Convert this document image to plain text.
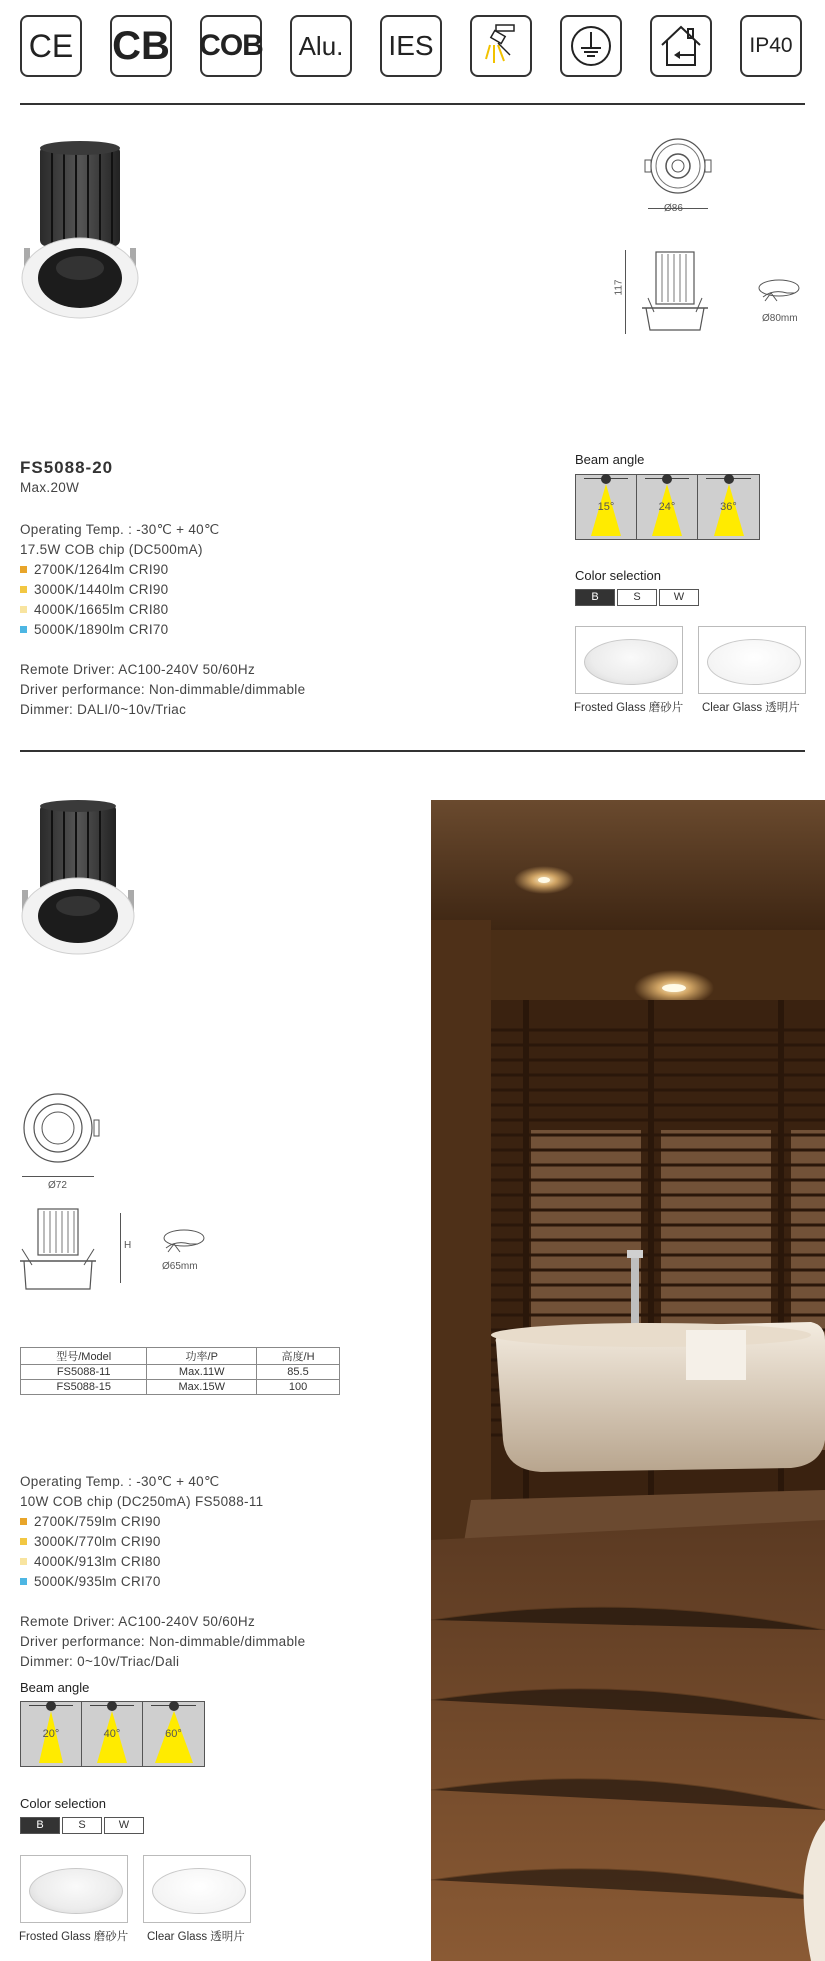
CE CB COB Alu. IES	IP40
Ø86
117
Ø80mm
FS5088-20
Max.20W
Operating Temp. : -30℃ + 40℃
17.5W COB chip (DC500mA)
2700K/1264lm CRI90
3000K/1440lm CRI90
4000K/1665lm CRI80
5000K/1890lm CRI70
Remote Driver: AC100-240V 50/60Hz
Driver performance: Non-dimmable/dimmable
Dimmer: DALI/0~10v/Triac
Beam angle
15°	24°	36°
Color selection
B	S	W
Frosted Glass 磨砂片 Clear Glass 透明片
Ø72
H
Ø65mm
型号/Model	功率/P	高度/H
FS5088-11	Max.11W	85.5
FS5088-15	Max.15W	100
Operating Temp. : -30℃ + 40℃
10W COB chip (DC250mA) FS5088-11
2700K/759lm CRI90
3000K/770lm CRI90
4000K/913lm CRI80
5000K/935lm CRI70
Remote Driver: AC100-240V 50/60Hz
Driver performance: Non-dimmable/dimmable
Dimmer: 0~10v/Triac/Dali
Beam angle
20°	40°	60°
Color selection
B	S	W
Frosted Glass 磨砂片 Clear Glass 透明片
